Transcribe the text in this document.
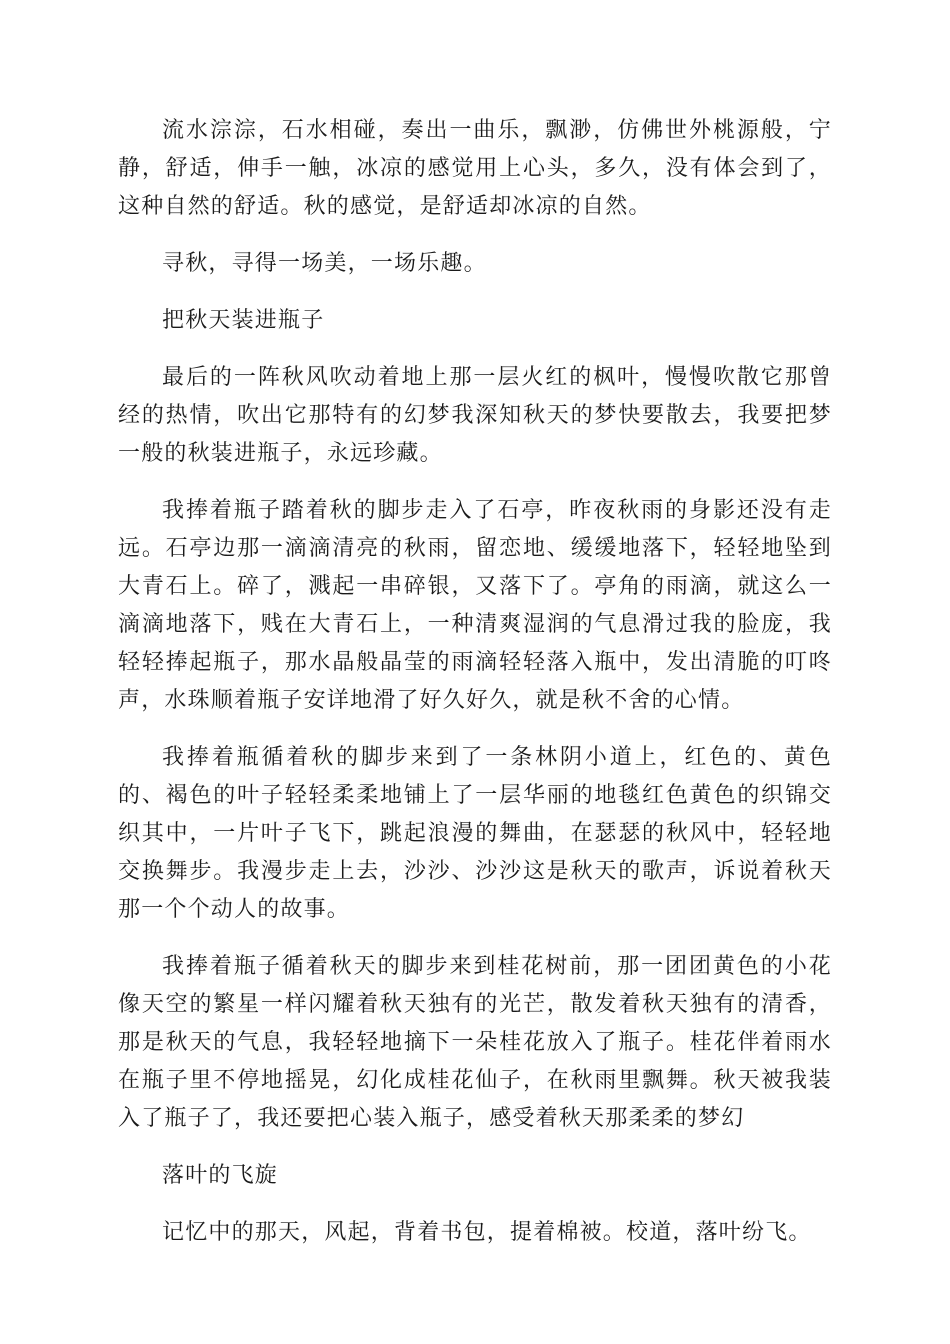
流水淙淙，石水相碰，奏出一曲乐，飘渺，仿佛世外桃源般，宁静，舒适，伸手一触，冰凉的感觉用上心头，多久，没有体会到了，这种自然的舒适。秋的感觉，是舒适却冰凉的自然。

寻秋，寻得一场美，一场乐趣。

把秋天装进瓶子

最后的一阵秋风吹动着地上那一层火红的枫叶，慢慢吹散它那曾经的热情，吹出它那特有的幻梦我深知秋天的梦快要散去，我要把梦一般的秋装进瓶子，永远珍藏。

我捧着瓶子踏着秋的脚步走入了石亭，昨夜秋雨的身影还没有走远。石亭边那一滴滴清亮的秋雨，留恋地、缓缓地落下，轻轻地坠到大青石上。碎了，溅起一串碎银，又落下了。亭角的雨滴，就这么一滴滴地落下，贱在大青石上，一种清爽湿润的气息滑过我的脸庞，我轻轻捧起瓶子，那水晶般晶莹的雨滴轻轻落入瓶中，发出清脆的叮咚声，水珠顺着瓶子安详地滑了好久好久，就是秋不舍的心情。

我捧着瓶循着秋的脚步来到了一条林阴小道上，红色的、黄色的、褐色的叶子轻轻柔柔地铺上了一层华丽的地毯红色黄色的织锦交织其中，一片叶子飞下，跳起浪漫的舞曲，在瑟瑟的秋风中，轻轻地交换舞步。我漫步走上去，沙沙、沙沙这是秋天的歌声，诉说着秋天那一个个动人的故事。

我捧着瓶子循着秋天的脚步来到桂花树前，那一团团黄色的小花像天空的繁星一样闪耀着秋天独有的光芒，散发着秋天独有的清香，那是秋天的气息，我轻轻地摘下一朵桂花放入了瓶子。桂花伴着雨水在瓶子里不停地摇晃，幻化成桂花仙子，在秋雨里飘舞。秋天被我装入了瓶子了，我还要把心装入瓶子，感受着秋天那柔柔的梦幻

落叶的飞旋

记忆中的那天，风起，背着书包，提着棉被。校道，落叶纷飞。
